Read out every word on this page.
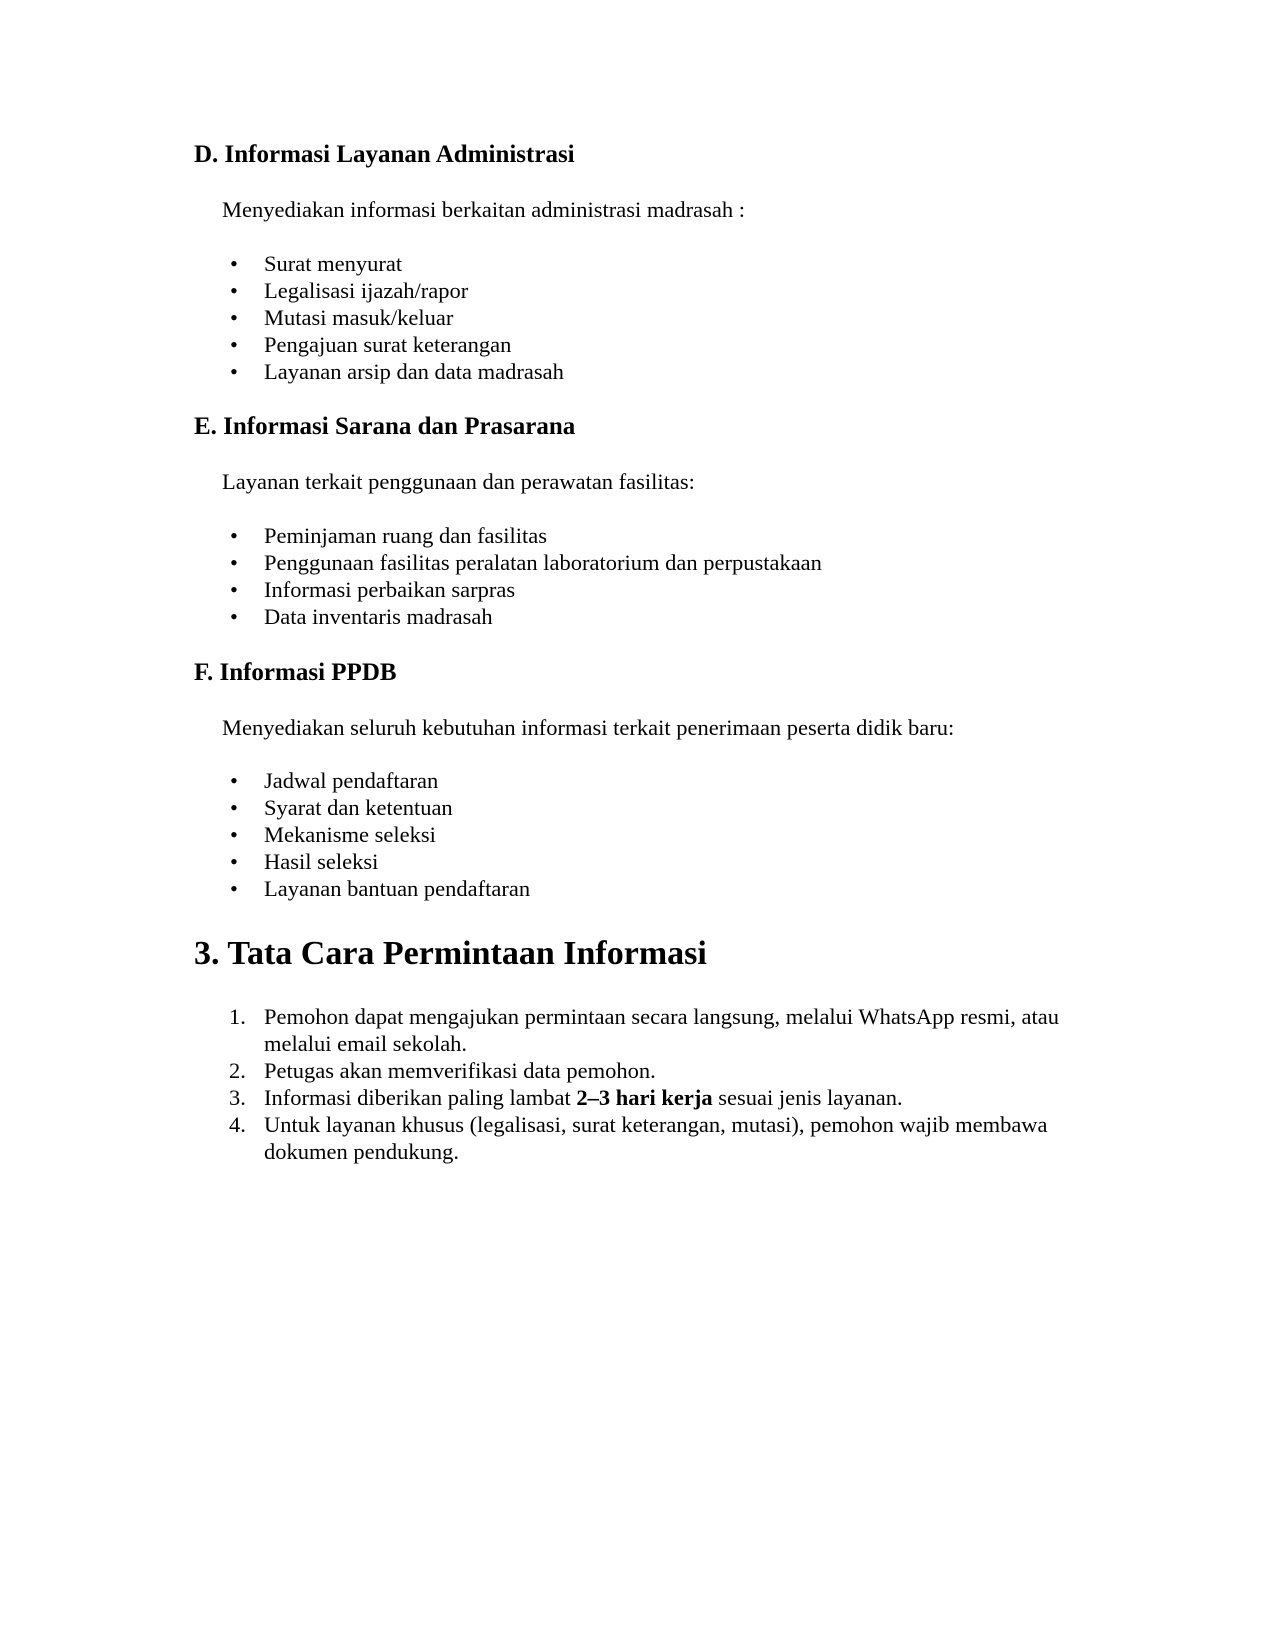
D. Informasi Layanan Administrasi

Menyediakan informasi berkaitan administrasi madrasah :

• Surat menyurat
• Legalisasi ijazah/rapor
• Mutasi masuk/keluar
• Pengajuan surat keterangan
• Layanan arsip dan data madrasah
E. Informasi Sarana dan Prasarana

Layanan terkait penggunaan dan perawatan fasilitas:

• Peminjaman ruang dan fasilitas
• Penggunaan fasilitas peralatan laboratorium dan perpustakaan
• Informasi perbaikan sarpras
• Data inventaris madrasah
F. Informasi PPDB

Menyediakan seluruh kebutuhan informasi terkait penerimaan peserta didik baru:

• Jadwal pendaftaran
• Syarat dan ketentuan
• Mekanisme seleksi
• Hasil seleksi
• Layanan bantuan pendaftaran
3. Tata Cara Permintaan Informasi
1. Pemohon dapat mengajukan permintaan secara langsung, melalui WhatsApp resmi, atau melalui email sekolah.
2. Petugas akan memverifikasi data pemohon.
3. Informasi diberikan paling lambat 2–3 hari kerja sesuai jenis layanan.
4. Untuk layanan khusus (legalisasi, surat keterangan, mutasi), pemohon wajib membawa dokumen pendukung.
